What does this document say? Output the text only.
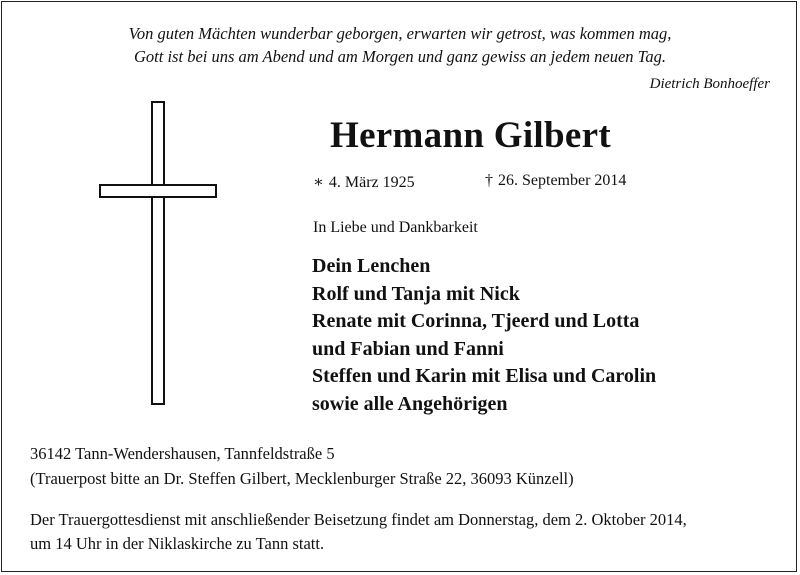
Von guten Mächten wunderbar geborgen, erwarten wir getrost, was kommen mag,
Gott ist bei uns am Abend und am Morgen und ganz gewiss an jedem neuen Tag.
Dietrich Bonhoeffer
Hermann Gilbert
∗ 4. März 1925	† 26. September 2014
In Liebe und Dankbarkeit
Dein Lenchen
Rolf und Tanja mit Nick
Renate mit Corinna, Tjeerd und Lotta
und Fabian und Fanni
Steffen und Karin mit Elisa und Carolin
sowie alle Angehörigen
36142 Tann-Wendershausen, Tannfeldstraße 5
(Trauerpost bitte an Dr. Steffen Gilbert, Mecklenburger Straße 22, 36093 Künzell)
Der Trauergottesdienst mit anschließender Beisetzung findet am Donnerstag, dem 2. Oktober 2014,
um 14 Uhr in der Niklaskirche zu Tann statt.
